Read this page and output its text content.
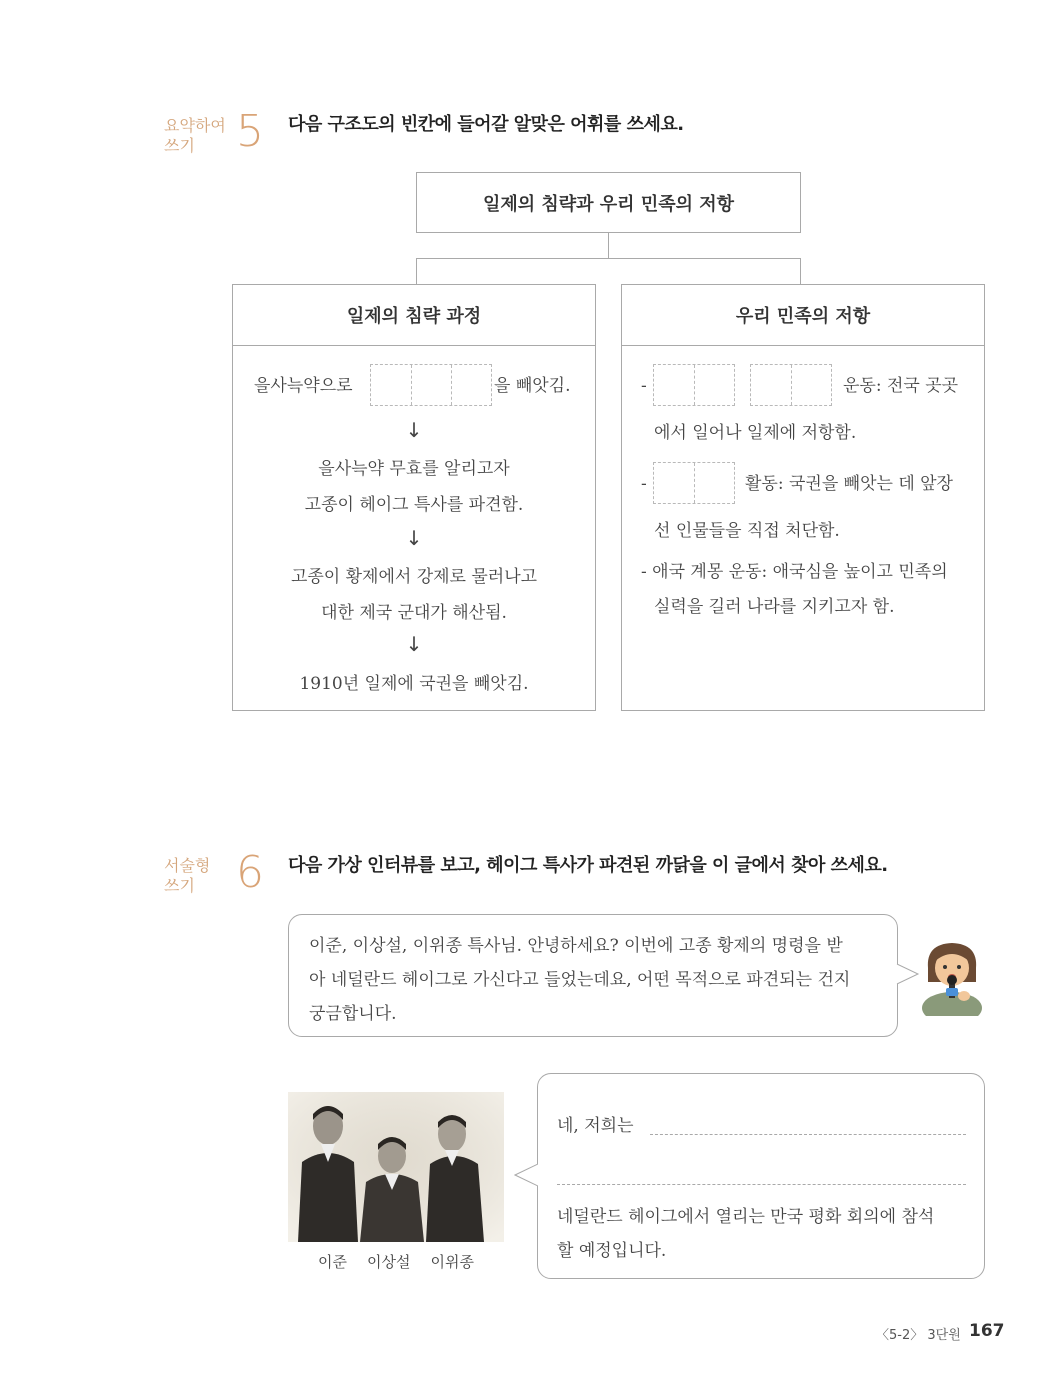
요약하여
쓰기 5 다음 구조도의 빈칸에 들어갈 알맞은 어휘를 쓰세요.
일제의 침략과 우리 민족의 저항
일제의 침략 과정
을사늑약으로	을 빼앗김.
↓
을사늑약 무효를 알리고자
고종이 헤이그 특사를 파견함.
↓
고종이 황제에서 강제로 물러나고
대한 제국 군대가 해산됨.
↓
1910년 일제에 국권을 빼앗김.
우리 민족의 저항
-	운동: 전국 곳곳
에서 일어나 일제에 저항함.
-	활동: 국권을 빼앗는 데 앞장
선 인물들을 직접 처단함.
- 애국 계몽 운동: 애국심을 높이고 민족의
실력을 길러 나라를 지키고자 함.
서술형
쓰기 6 다음 가상 인터뷰를 보고, 헤이그 특사가 파견된 까닭을 이 글에서 찾아 쓰세요.
이준, 이상설, 이위종 특사님. 안녕하세요? 이번에 고종 황제의 명령을 받
아 네덜란드 헤이그로 가신다고 들었는데요, 어떤 목적으로 파견되는 건지
궁금합니다.
이준 이상설 이위종
네, 저희는
네덜란드 헤이그에서 열리는 만국 평화 회의에 참석
할 예정입니다.
〈5-2〉 3단원 167
